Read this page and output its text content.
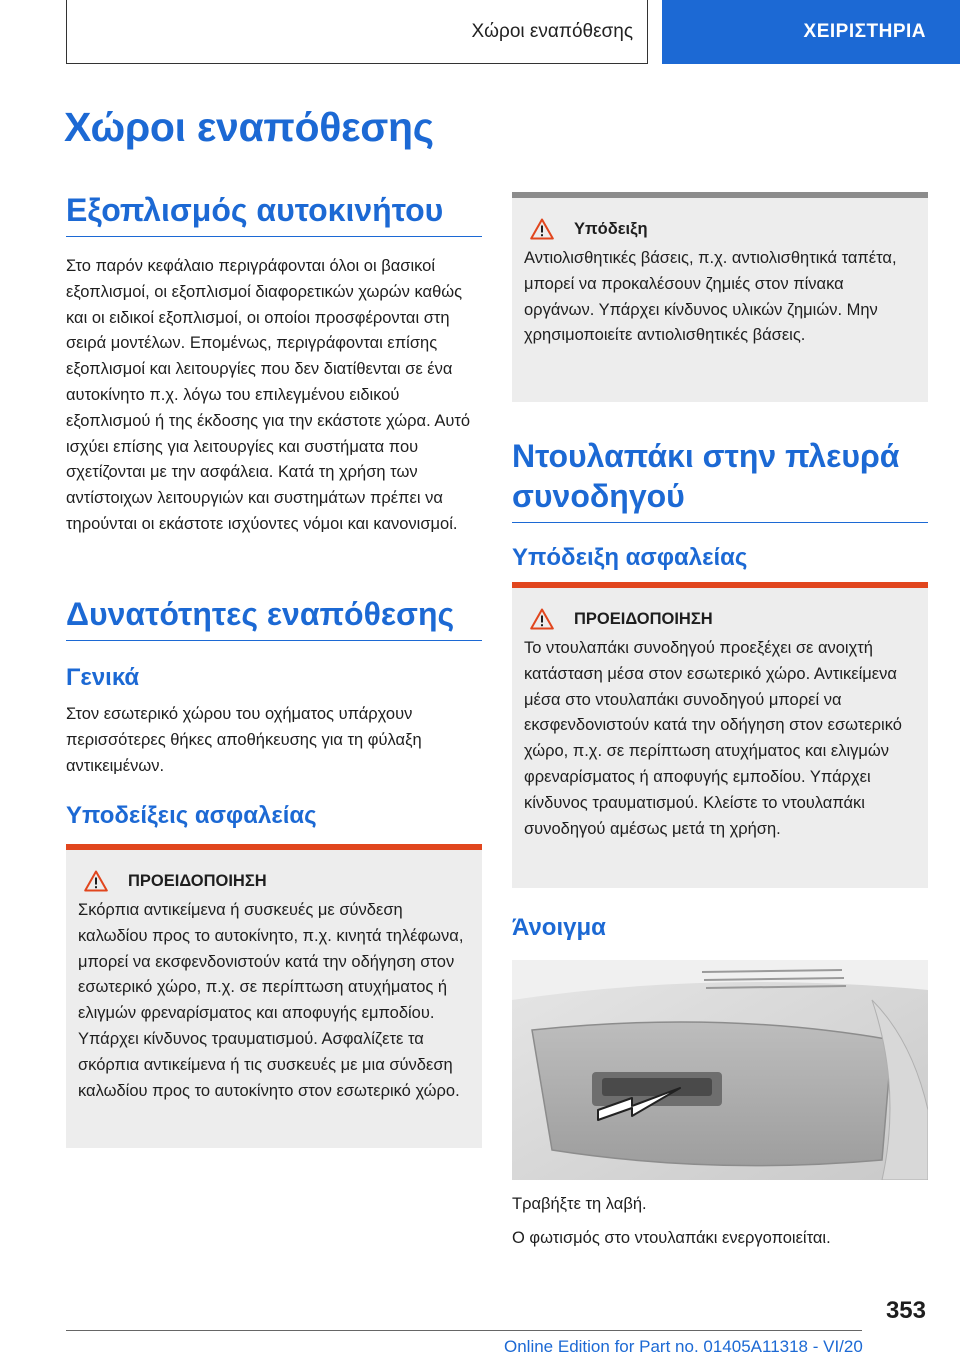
Χώροι εναπόθεσης	ΧΕΙΡΙΣΤΗΡΙΑ
Χώροι εναπόθεσης
Εξοπλισμός αυτοκινήτου

Στο παρόν κεφάλαιο περιγράφονται όλοι οι βασικοί εξοπλισμοί, οι εξοπλισμοί διαφορετικών χωρών καθώς και οι ειδικοί εξοπλισμοί, οι οποίοι προσφέρονται στη σειρά μοντέλων. Επομένως, περιγράφονται επίσης εξοπλισμοί και λειτουργίες που δεν διατίθενται σε ένα αυτοκίνητο π.χ. λόγω του επιλεγμένου ειδικού εξοπλισμού ή της έκδοσης για την εκάστοτε χώρα. Αυτό ισχύει επίσης για λειτουργίες και συστήματα που σχετίζονται με την ασφάλεια. Κατά τη χρήση των αντίστοιχων λειτουργιών και συστημάτων πρέπει να τηρούνται οι εκάστοτε ισχύοντες νόμοι και κανονισμοί.

Δυνατότητες εναπόθεσης
Γενικά

Στον εσωτερικό χώρου του οχήματος υπάρχουν περισσότερες θήκες αποθήκευσης για τη φύλαξη αντικειμένων.

Υποδείξεις ασφαλείας
ΠΡΟΕΙΔΟΠΟΙΗΣΗ
Σκόρπια αντικείμενα ή συσκευές με σύνδεση καλωδίου προς το αυτοκίνητο, π.χ. κινητά τηλέφωνα, μπορεί να εκσφενδονιστούν κατά την οδήγηση στον εσωτερικό χώρο, π.χ. σε περίπτωση ατυχήματος ή ελιγμών φρεναρίσματος και αποφυγής εμποδίου. Υπάρχει κίνδυνος τραυματισμού. Ασφαλίζετε τα σκόρπια αντικείμενα ή τις συσκευές με μια σύνδεση καλωδίου προς το αυτοκίνητο στον εσωτερικό χώρο.
Υπόδειξη
Αντιολισθητικές βάσεις, π.χ. αντιολισθητικά ταπέτα, μπορεί να προκαλέσουν ζημιές στον πίνακα οργάνων. Υπάρχει κίνδυνος υλικών ζημιών. Μην χρησιμοποιείτε αντιολισθητικές βάσεις.
Ντουλαπάκι στην πλευρά συνοδηγού
Υπόδειξη ασφαλείας
ΠΡΟΕΙΔΟΠΟΙΗΣΗ
Το ντουλαπάκι συνοδηγού προεξέχει σε ανοιχτή κατάσταση μέσα στον εσωτερικό χώρο. Αντικείμενα μέσα στο ντουλαπάκι συνοδηγού μπορεί να εκσφενδονιστούν κατά την οδήγηση στον εσωτερικό χώρο, π.χ. σε περίπτωση ατυχήματος και ελιγμών φρεναρίσματος ή αποφυγής εμποδίου. Υπάρχει κίνδυνος τραυματισμού. Κλείστε το ντουλαπάκι συνοδηγού αμέσως μετά τη χρήση.
Άνοιγμα

Τραβήξτε τη λαβή.

Ο φωτισμός στο ντουλαπάκι ενεργοποιείται.

353
Online Edition for Part no. 01405A11318 - VI/20
